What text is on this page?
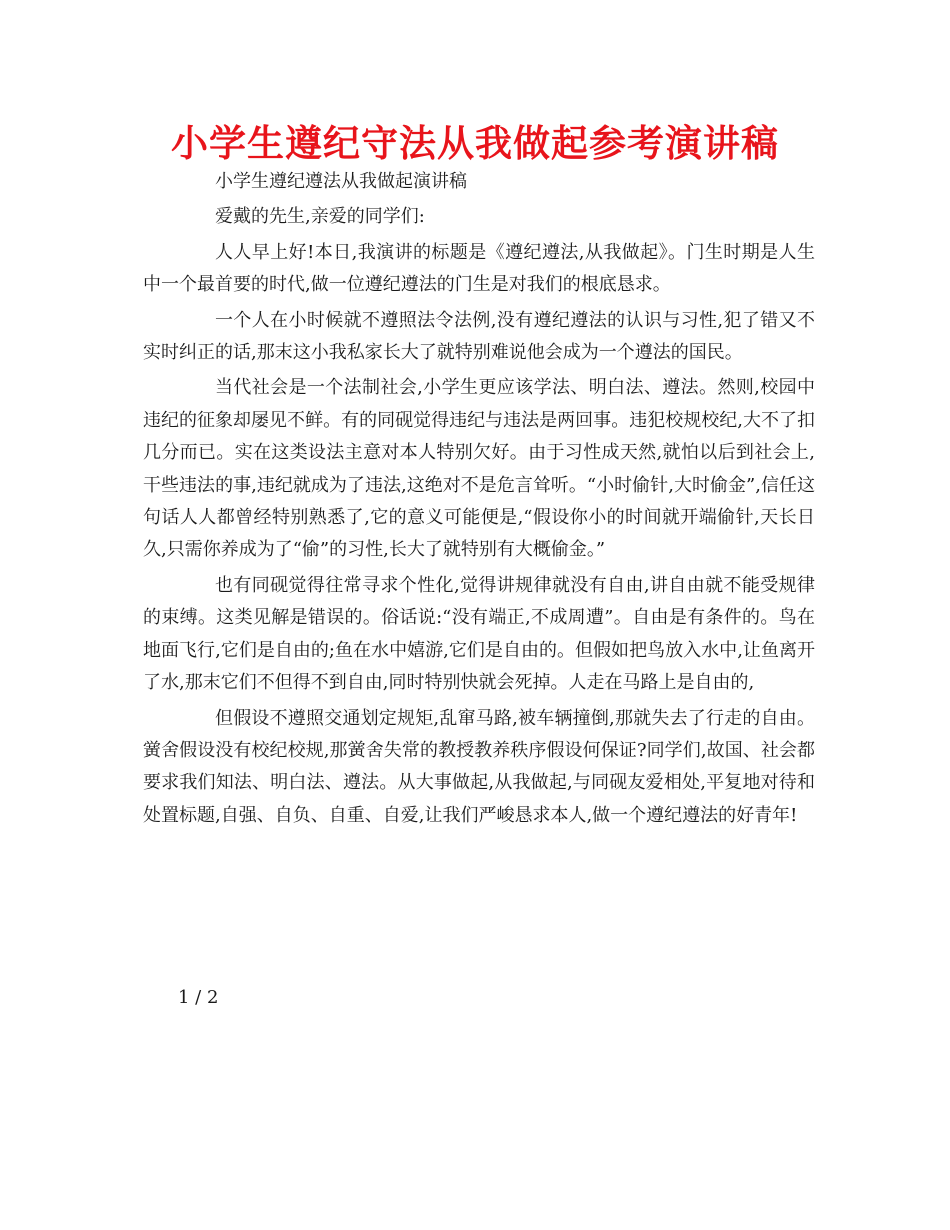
小学生遵纪守法从我做起参考演讲稿

小学生遵纪遵法从我做起演讲稿

爱戴的先生,亲爱的同学们:

人人早上好!本日,我演讲的标题是《遵纪遵法,从我做起》。门生时期是人生中一个最首要的时代,做一位遵纪遵法的门生是对我们的根底恳求。

一个人在小时候就不遵照法令法例,没有遵纪遵法的认识与习性,犯了错又不实时纠正的话,那末这小我私家长大了就特别难说他会成为一个遵法的国民。

当代社会是一个法制社会,小学生更应该学法、明白法、遵法。然则,校园中违纪的征象却屡见不鲜。有的同砚觉得违纪与违法是两回事。违犯校规校纪,大不了扣几分而已。实在这类设法主意对本人特别欠好。由于习性成天然,就怕以后到社会上,干些违法的事,违纪就成为了违法,这绝对不是危言耸听。“小时偷针,大时偷金”,信任这句话人人都曾经特别熟悉了,它的意义可能便是,“假设你小的时间就开端偷针,天长日久,只需你养成为了“偷”的习性,长大了就特别有大概偷金。”

也有同砚觉得往常寻求个性化,觉得讲规律就没有自由,讲自由就不能受规律的束缚。这类见解是错误的。俗话说:“没有端正,不成周遭”。自由是有条件的。鸟在地面飞行,它们是自由的;鱼在水中嬉游,它们是自由的。但假如把鸟放入水中,让鱼离开了水,那末它们不但得不到自由,同时特别快就会死掉。人走在马路上是自由的,

但假设不遵照交通划定规矩,乱窜马路,被车辆撞倒,那就失去了行走的自由。黉舍假设没有校纪校规,那黉舍失常的教授教养秩序假设何保证?同学们,故国、社会都要求我们知法、明白法、遵法。从大事做起,从我做起,与同砚友爱相处,平复地对待和处置标题,自强、自负、自重、自爱,让我们严峻恳求本人,做一个遵纪遵法的好青年!

1 / 2
